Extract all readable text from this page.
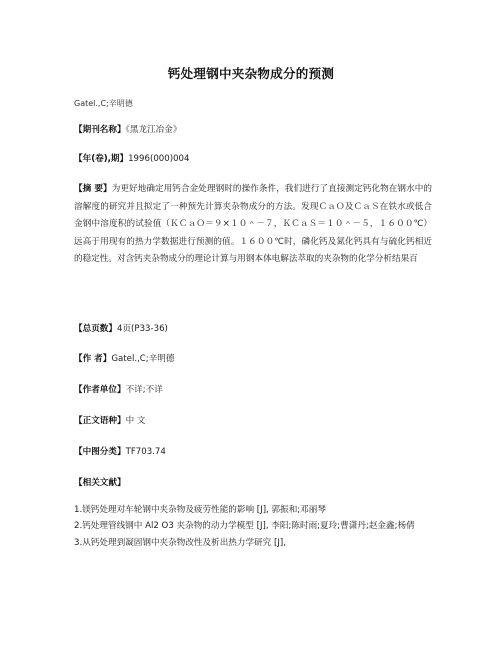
钙处理钢中夹杂物成分的预测
Gatel.,C;辛明德
【期刊名称】《黑龙江冶金》
【年(卷),期】1996(000)004
【摘 要】为更好地确定用钙合金处理钢时的操作条件，我们进行了直接测定钙化物在钢水中的溶解度的研究并且拟定了一种预先计算夹杂物成分的方法。发现ＣａＯ及ＣａＳ在铁水或低合金钢中溶度积的试验值（ＫＣａＯ＝９×１０＾－７，ＫＣａＳ＝１０＾－５，１６００℃）远高于用现有的热力学数据进行预测的值。１６００℃时，磷化钙及氮化钙具有与硫化钙相近的稳定性。对含钙夹杂物成分的理论计算与用钢本体电解法萃取的夹杂物的化学分析结果百
【总页数】4页(P33-36)
【作 者】Gatel.,C;辛明德
【作者单位】不详;不详
【正文语种】中 文
【中图分类】TF703.74
【相关文献】
1.镁钙处理对车轮钢中夹杂物及疲劳性能的影响 [J], 郭振和;邓丽琴
2.钙处理管线钢中 Al2 O3 夹杂物的动力学模型 [J], 李阳;陈时雨;夏玲;曹潇丹;赵金鑫;杨倩
3.从钙处理到凝固钢中夹杂物改性及析出热力学研究 [J],
